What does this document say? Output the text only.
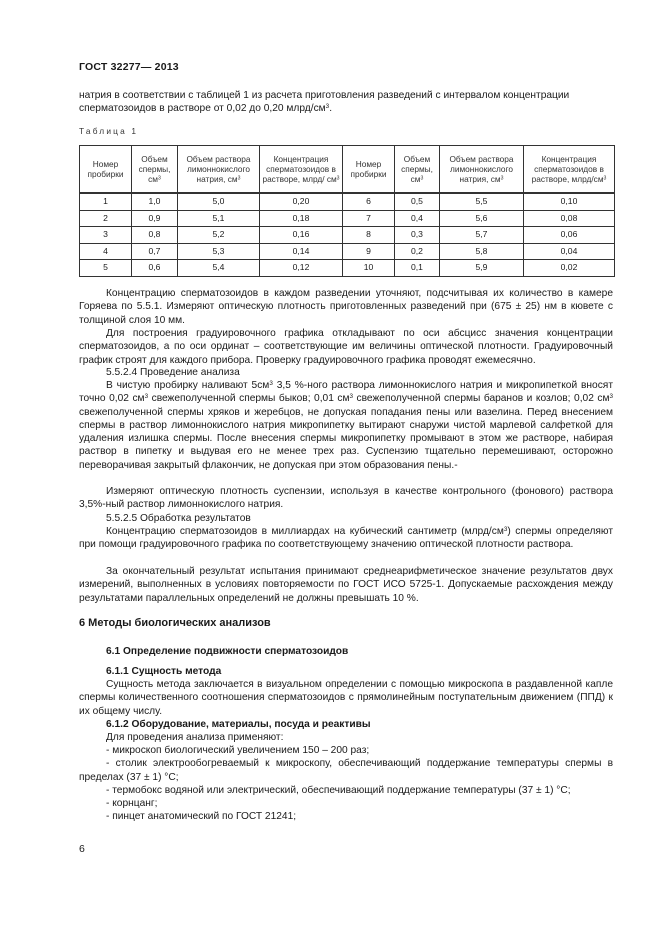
ГОСТ 32277— 2013

натрия в соответствии с таблицей 1 из расчета приготовления разведений с интервалом концентрации
сперматозоидов в растворе от 0,02 до 0,20 млрд/$см^3$.

Таблица 1
Номер пробирки	Объем спермы, $см^3$	Объем раствора лимоннокислого натрия, $см^3$	Концентрация сперматозоидов в растворе, млрд/ $см^3$	Номер пробирки	Объем спермы, $см^3$	Объем раствора лимоннокислого натрия, $см^3$	Концентрация сперматозоидов в растворе, млрд/$см^3$
1	1,0	5,0	0,20	6	0,5	5,5	0,10
2	0,9	5,1	0,18	7	0,4	5,6	0,08
3	0,8	5,2	0,16	8	0,3	5,7	0,06
4	0,7	5,3	0,14	9	0,2	5,8	0,04
5	0,6	5,4	0,12	10	0,1	5,9	0,02

Концентрацию сперматозоидов в каждом разведении уточняют, подсчитывая их количество в камере Горяева по 5.5.1. Измеряют оптическую плотность приготовленных разведений при (675 ± 25) нм в кювете с толщиной слоя 10 мм.

Для построения градуировочного графика откладывают по оси абсцисс значения концентрации сперматозоидов, а по оси ординат – соответствующие им величины оптической плотности. Градуировочный график строят для каждого прибора. Проверку градуировочного графика проводят ежемесячно.

5.5.2.4 Проведение анализа

В чистую пробирку наливают $5см^3$ 3,5 %-ного раствора лимоннокислого натрия и микропипеткой вносят точно 0,02 $см^3$ свежеполученной спермы быков; 0,01 $см^3$ свежеполученной спермы баранов и козлов; 0,02 $см^3$ свежеполученной спермы хряков и жеребцов, не допуская попадания пены или вазелина. Перед внесением спермы в раствор лимоннокислого натрия микропипетку вытирают снаружи чистой марлевой салфеткой для удаления излишка спермы. После внесения спермы микропипетку промывают в этом же растворе, набирая раствор в пипетку и выдувая его не менее трех раз. Суспензию тщательно перемешивают, осторожно переворачивая закрытый флакончик, не допуская при этом образования пены.-

Измеряют оптическую плотность суспензии, используя в качестве контрольного (фонового) раствора 3,5%-ный раствор лимоннокислого натрия.

5.5.2.5 Обработка результатов

Концентрацию сперматозоидов в миллиардах на кубический сантиметр $(млрд/см^3)$ спермы определяют при помощи градуировочного графика по соответствующему значению оптической плотности раствора.

За окончательный результат испытания принимают среднеарифметическое значение результатов двух измерений, выполненных в условиях повторяемости по ГОСТ ИСО 5725-1. Допускаемые расхождения между результатами параллельных определений не должны превышать 10 %.

6 Методы биологических анализов

6.1 Определение подвижности сперматозоидов

6.1.1 Сущность метода

Сущность метода заключается в визуальном определении с помощью микроскопа в раздавленной капле спермы количественного соотношения сперматозоидов с прямолинейным поступательным движением (ППД) к их общему числу.

6.1.2 Оборудование, материалы, посуда и реактивы

Для проведения анализа применяют:

- микроскоп биологический увеличением 150 – 200 раз;
- столик электрообогреваемый к микроскопу, обеспечивающий поддержание температуры спермы в пределах (37 ± 1) °С;
- термобокс водяной или электрический, обеспечивающий поддержание температуры (37 ± 1) °С;
- корнцанг;
- пинцет анатомический по ГОСТ 21241;
6
